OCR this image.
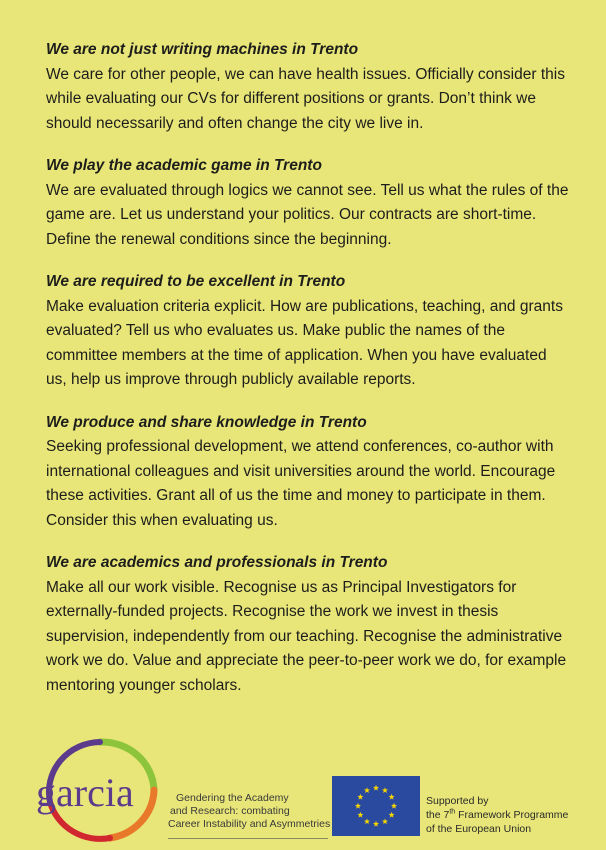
We are not just writing machines in Trento

We care for other people, we can have health issues. Officially consider this while evaluating our CVs for different positions or grants. Don’t think we should necessarily and often change the city we live in.

We play the academic game in Trento

We are evaluated through logics we cannot see. Tell us what the rules of the game are. Let us understand your politics. Our contracts are short-time. Define the renewal conditions since the beginning.

We are required to be excellent in Trento

Make evaluation criteria explicit. How are publications, teaching, and grants evaluated? Tell us who evaluates us. Make public the names of the committee members at the time of application. When you have evaluated us, help us improve through publicly available reports.

We produce and share knowledge in Trento

Seeking professional development, we attend conferences, co-author with international colleagues and visit universities around the world. Encourage these activities. Grant all of us the time and money to participate in them. Consider this when evaluating us.

We are academics and professionals in Trento

Make all our work visible. Recognise us as Principal Investigators for externally-funded projects. Recognise the work we invest in thesis supervision, independently from our teaching. Recognise the administrative work we do. Value and appreciate the peer-to-peer work we do, for example mentoring younger scholars.

garcia	Gendering the Academy
and Research: combating
Career Instability and Asymmetries
Supported by
the 7th Framework Programme
of the European Union
